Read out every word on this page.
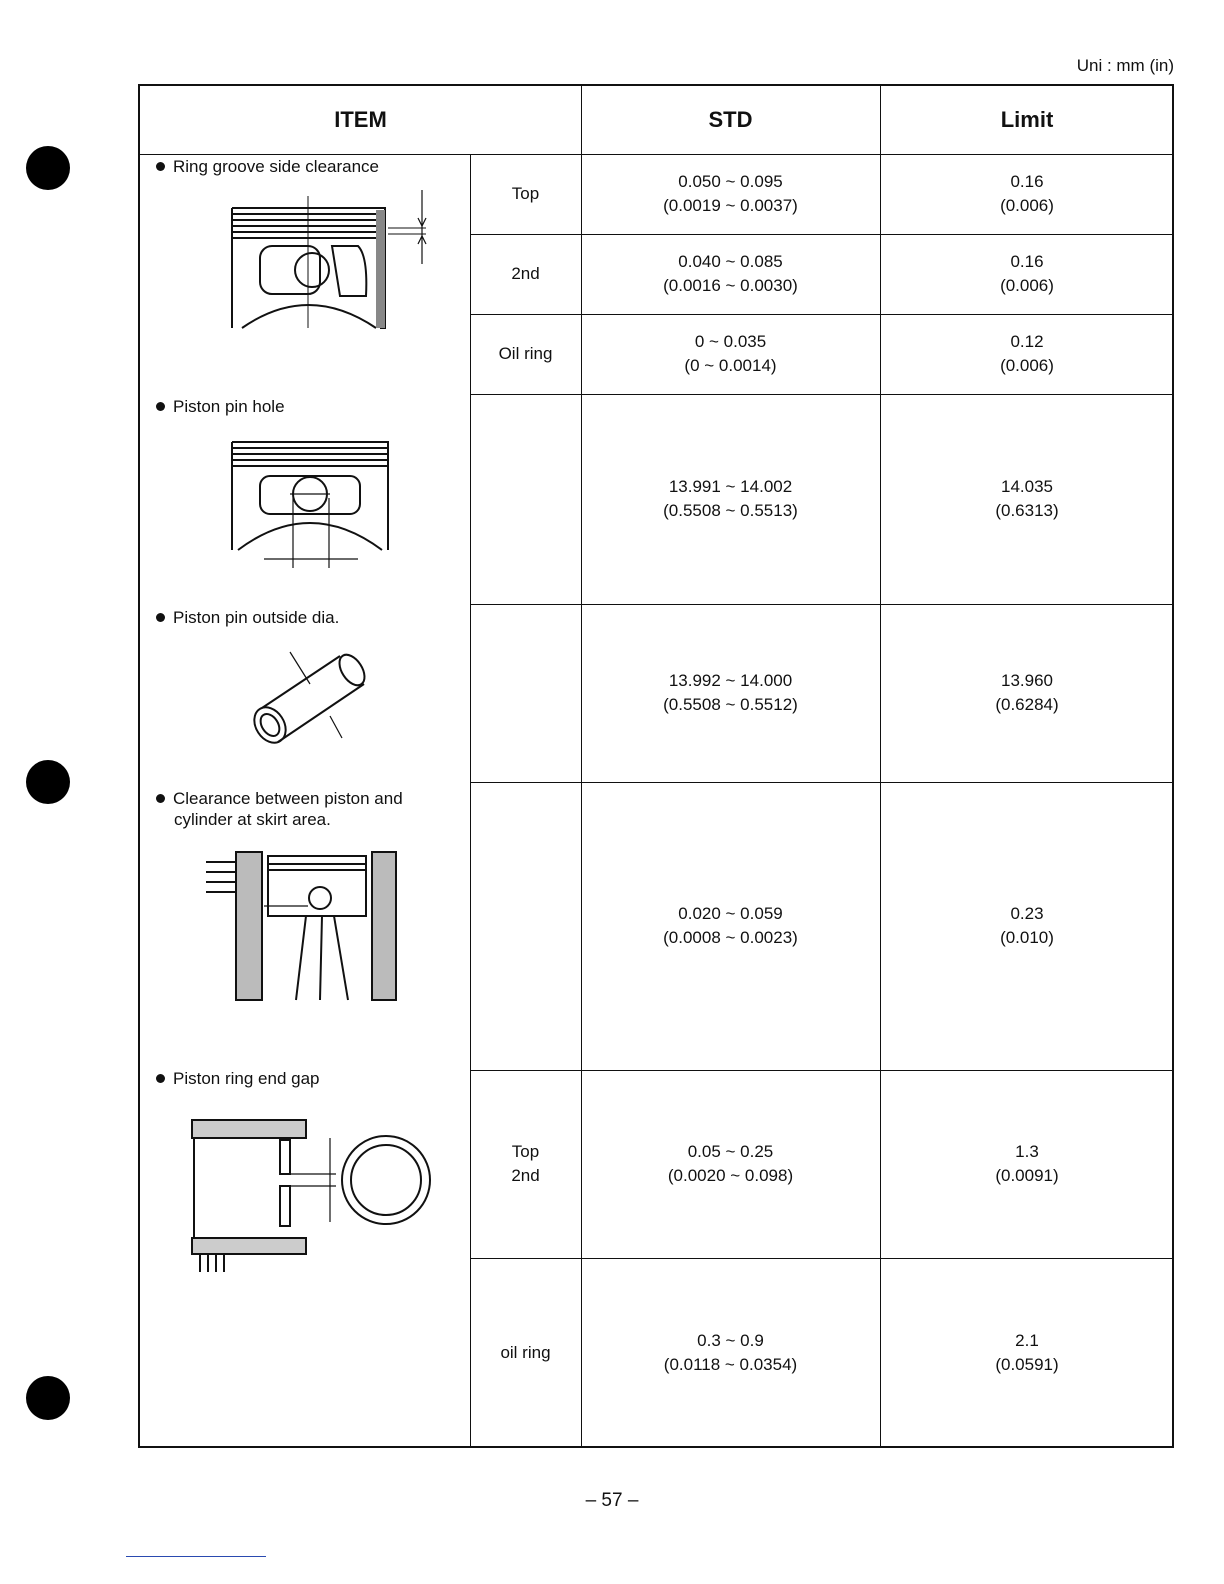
Uni : mm (in)
ITEM	STD	Limit
Ring groove side clearance
Piston pin hole
Piston pin outside dia.
Clearance between piston and
cylinder at skirt area.
Piston ring end gap
Top
2nd
Oil ring
Top
2nd
oil ring
0.050 ~ 0.095
(0.0019 ~ 0.0037)
0.040 ~ 0.085
(0.0016 ~ 0.0030)
0 ~ 0.035
(0 ~ 0.0014)
13.991 ~ 14.002
(0.5508 ~ 0.5513)
13.992 ~ 14.000
(0.5508 ~ 0.5512)
0.020 ~ 0.059
(0.0008 ~ 0.0023)
0.05 ~ 0.25
(0.0020 ~ 0.098)
0.3 ~ 0.9
(0.0118 ~ 0.0354)
0.16
(0.006)
0.16
(0.006)
0.12
(0.006)
14.035
(0.6313)
13.960
(0.6284)
0.23
(0.010)
1.3
(0.0091)
2.1
(0.0591)
– 57 –
